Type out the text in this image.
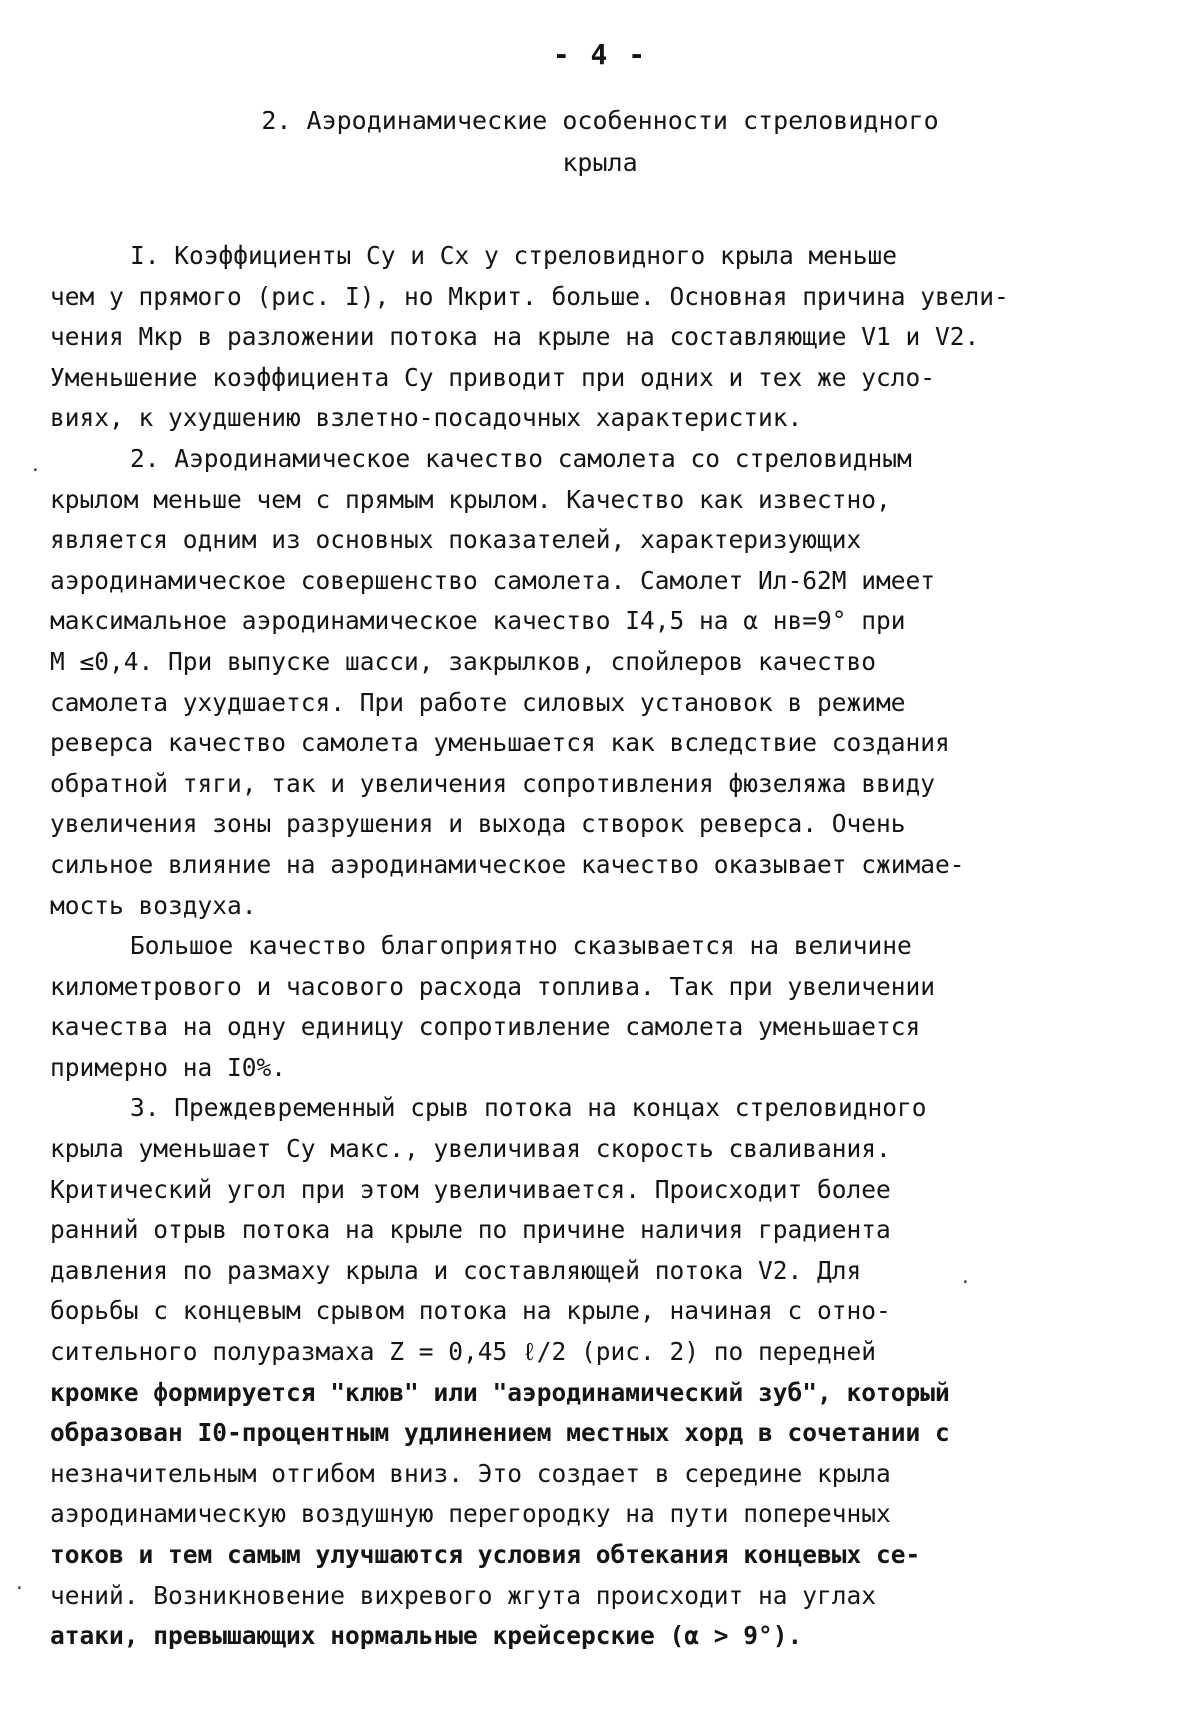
- 4 -
2. Аэродинамические особенности стреловидного
крыла
I. Коэффициенты Cу и Cх у стреловидного крыла меньше
чем у прямого (рис. I), но Mкрит. больше. Основная причина увели-
чения Мкр в разложении потока на крыле на составляющие V1 и V2.
Уменьшение коэффициента Cу приводит при одних и тех же усло-
виях, к ухудшению взлетно-посадочных характеристик.
2. Аэродинамическое качество самолета со стреловидным
крылом меньше чем с прямым крылом. Качество как известно,
является одним из основных показателей, характеризующих
аэродинамическое совершенство самолета. Самолет Ил-62М имеет
максимальное аэродинамическое качество I4,5 на α нв=9° при
M ≤0,4. При выпуске шасси, закрылков, спойлеров качество
самолета ухудшается. При работе силовых установок в режиме
реверса качество самолета уменьшается как вследствие создания
обратной тяги, так и увеличения сопротивления фюзеляжа ввиду
увеличения зоны разрушения и выхода створок реверса. Очень
сильное влияние на аэродинамическое качество оказывает сжимае-
мость воздуха.
Большое качество благоприятно сказывается на величине
километрового и часового расхода топлива. Так при увеличении
качества на одну единицу сопротивление самолета уменьшается
примерно на I0%.
3. Преждевременный срыв потока на концах стреловидного
крыла уменьшает Cу макс., увеличивая скорость сваливания.
Критический угол при этом увеличивается. Происходит более
ранний отрыв потока на крыле по причине наличия градиента
давления по размаху крыла и составляющей потока V2. Для
борьбы с концевым срывом потока на крыле, начиная с отно-
сительного полуразмаха Z = 0,45 ℓ/2 (рис. 2) по передней
кромке формируется "клюв" или "аэродинамический зуб", который
образован I0-процентным удлинением местных хорд в сочетании с
незначительным отгибом вниз. Это создает в середине крыла
аэродинамическую воздушную перегородку на пути поперечных
токов и тем самым улучшаются условия обтекания концевых се-
чений. Возникновение вихревого жгута происходит на углах
атаки, превышающих нормальные крейсерские (α > 9°).
·
·
·
